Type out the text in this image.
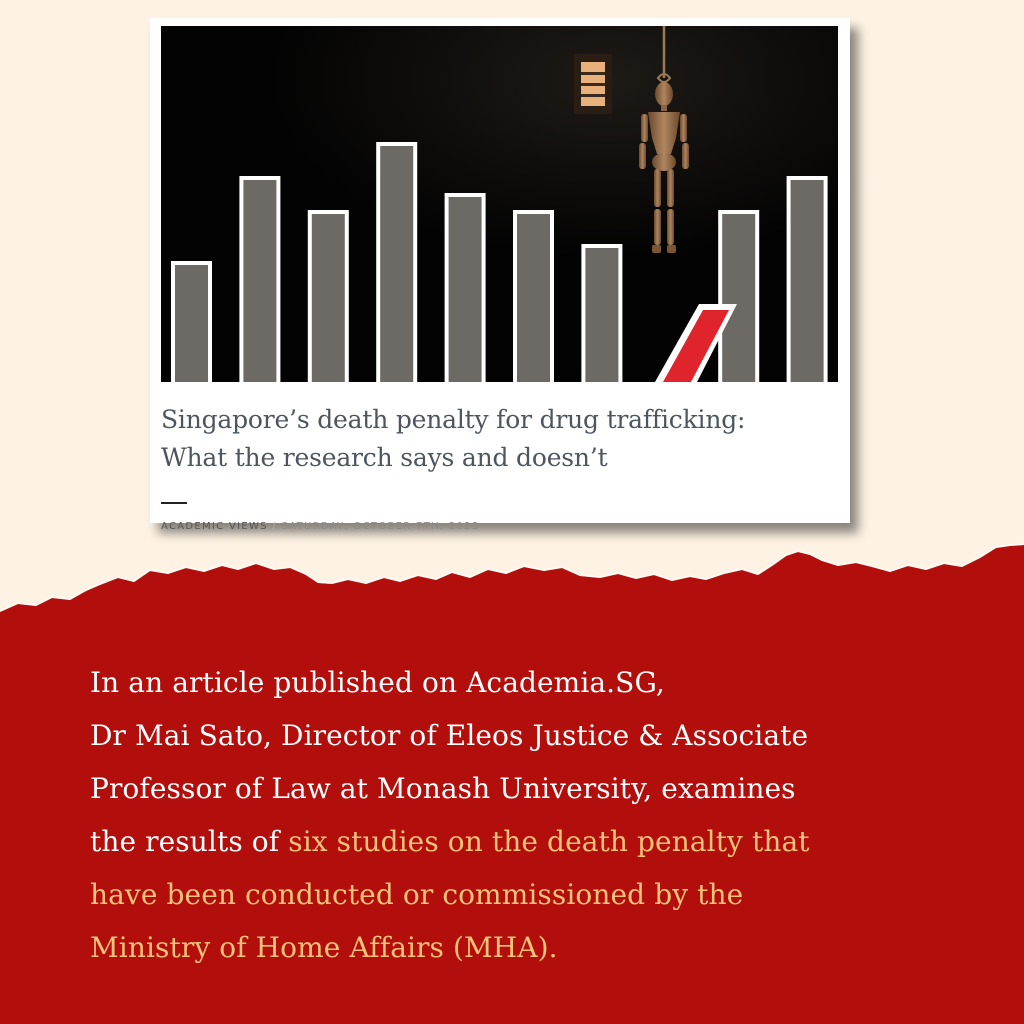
Singapore’s death penalty for drug trafficking:
What the research says and doesn’t
ACADEMIC VIEWS / SATURDAY, OCTOBER 7TH, 2023
In an article published on Academia.SG,
Dr Mai Sato, Director of Eleos Justice & Associate
Professor of Law at Monash University, examines
the results of six studies on the death penalty that
have been conducted or commissioned by the
Ministry of Home Affairs (MHA).
